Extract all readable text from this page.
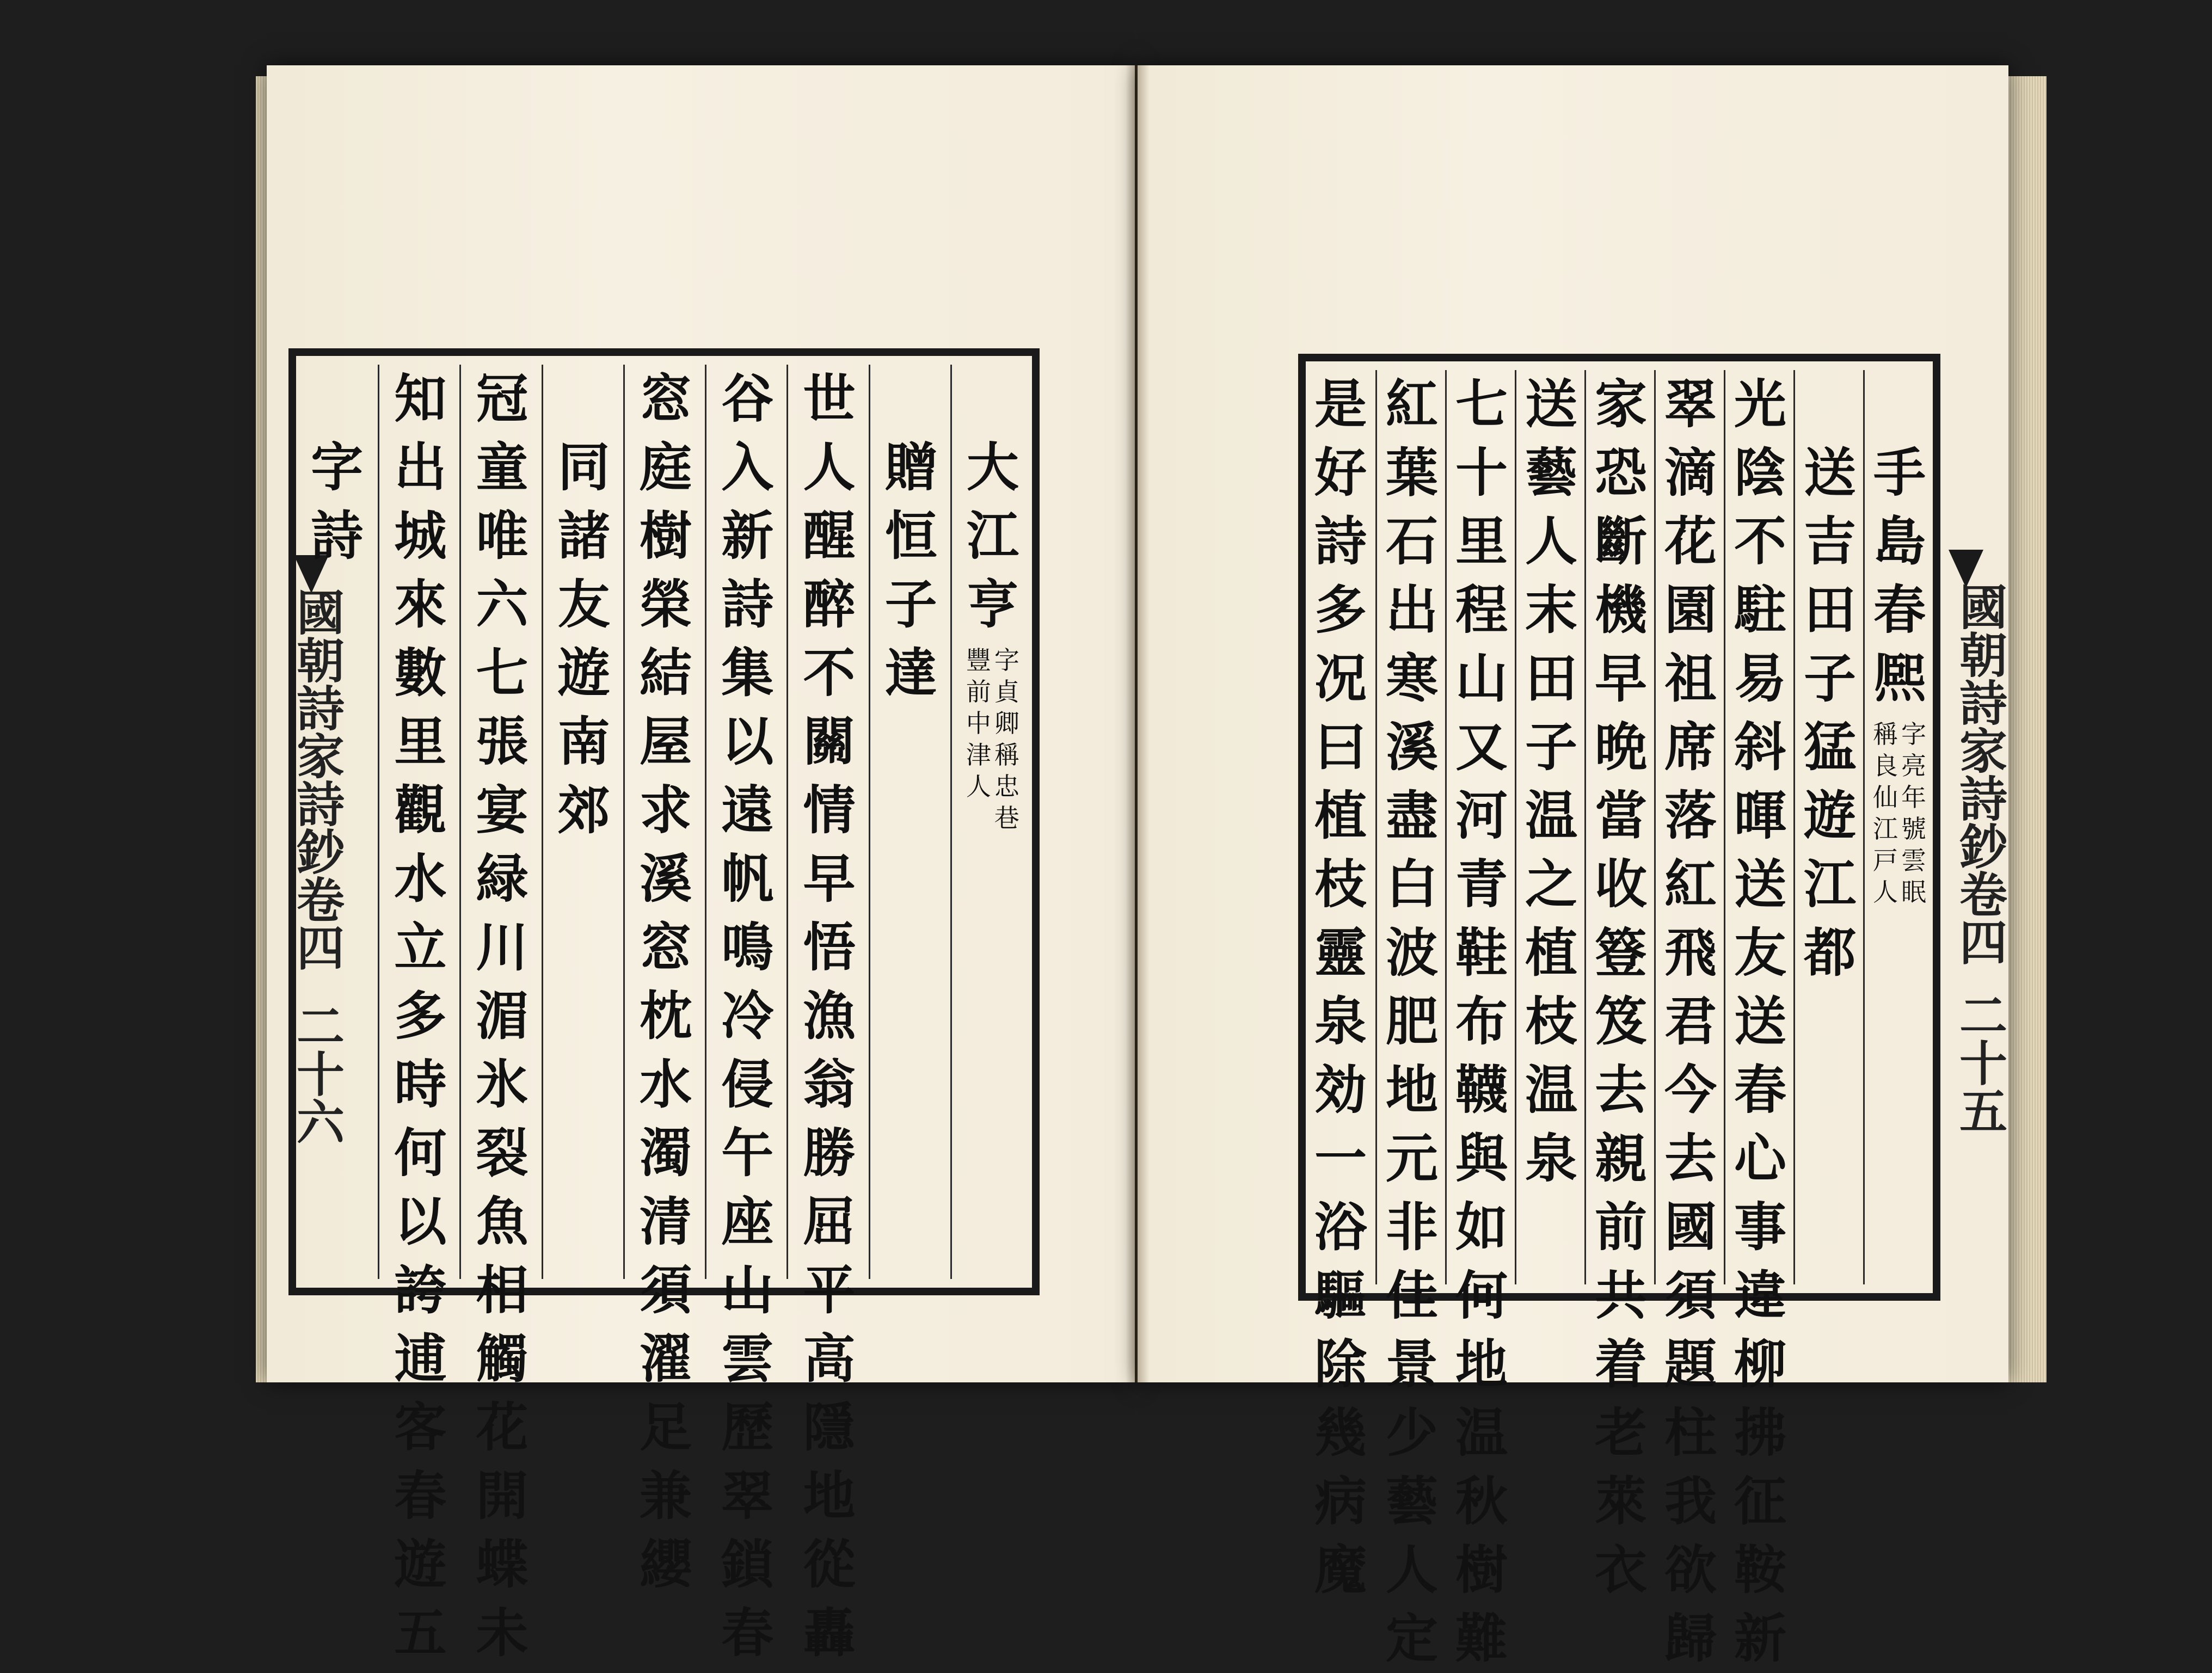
國朝詩家詩鈔卷四
二十六

大
江
亨
豐
前
中
津
人
字
貞
卿
稱
忠
巷

贈
恒
子
達
世
人
醒
醉
不
關
情
早
悟
漁
翁
勝
屈
平
高
隱
地
從
轟
谷
入
新
詩
集
以
遠
帆
鳴
冷
侵
午
座
山
雲
歷
翠
鎖
春
窓
庭
樹
榮
結
屋
求
溪
窓
枕
水
濁
清
須
濯
足
兼
纓

同
諸
友
遊
南
郊
冠
童
唯
六
七
張
宴
緑
川
湄
氷
裂
魚
相
觸
花
開
蝶
未
知
出
城
來
數
里
觀
水
立
多
時
何
以
誇
逋
客
春
遊
五

字
詩
國朝詩家詩鈔卷四
二十五

手
島
春
熈
稱
良
仙
江
戸
人
字
亮
年
號
雲
眠

送
吉
田
子
猛
遊
江
都
光
陰
不
駐
易
斜
暉
送
友
送
春
心
事
違
柳
拂
征
鞍
新
翠
滴
花
園
祖
席
落
紅
飛
君
今
去
國
須
題
柱
我
欲
歸
家
恐
斷
機
早
晩
當
收
簦
笈
去
親
前
共
着
老
萊
衣
送
藝
人
末
田
子
温
之
植
枝
温
泉
七
十
里
程
山
又
河
青
鞋
布
韈
與
如
何
地
温
秋
樹
難
紅
葉
石
出
寒
溪
盡
白
波
肥
地
元
非
佳
景
少
藝
人
定
是
好
詩
多
况
曰
植
枝
靈
泉
効
一
浴
驅
除
幾
病
魔
